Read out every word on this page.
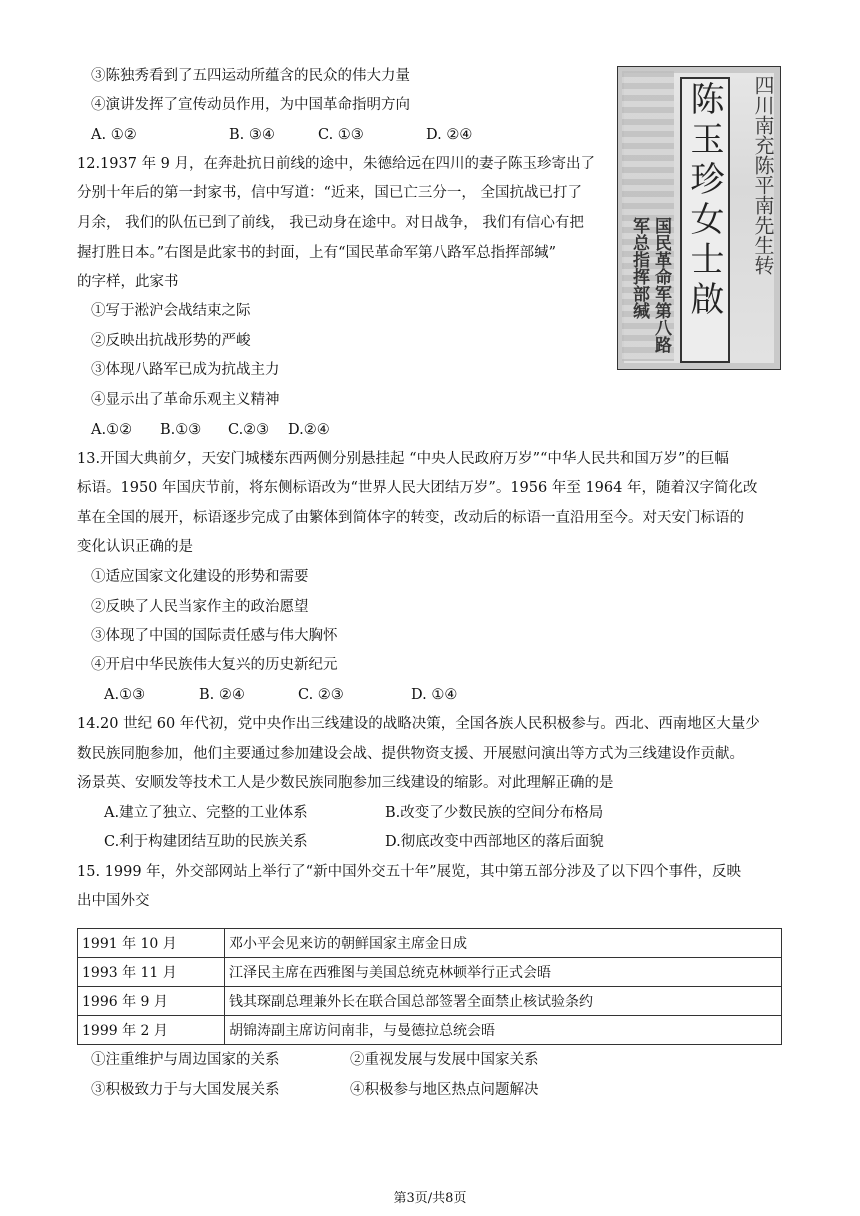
③陈独秀看到了五四运动所蕴含的民众的伟大力量
④演讲发挥了宣传动员作用，为中国革命指明方向
A. ①②	B. ③④	C. ①③	D. ②④
12.1937 年 9 月，在奔赴抗日前线的途中，朱德给远在四川的妻子陈玉珍寄出了
分别十年后的第一封家书，信中写道：“近来，国已亡三分一， 全国抗战已打了
月余， 我们的队伍已到了前线， 我已动身在途中。对日战争， 我们有信心有把
握打胜日本。”右图是此家书的封面，上有“国民革命军第八路军总指挥部缄”
的字样，此家书
①写于淞沪会战结束之际
②反映出抗战形势的严峻
③体现八路军已成为抗战主力
④显示出了革命乐观主义精神
A.①② B.①③ C.②③ D.②④
国民革命军第八路军总指挥部缄	陈玉珍女士啟	四川南充陈平南先生转
13.开国大典前夕，天安门城楼东西两侧分别悬挂起 “中央人民政府万岁”“中华人民共和国万岁”的巨幅
标语。1950 年国庆节前，将东侧标语改为“世界人民大团结万岁”。1956 年至 1964 年，随着汉字简化改
革在全国的展开，标语逐步完成了由繁体到简体字的转变，改动后的标语一直沿用至今。对天安门标语的
变化认识正确的是
①适应国家文化建设的形势和需要
②反映了人民当家作主的政治愿望
③体现了中国的国际责任感与伟大胸怀
④开启中华民族伟大复兴的历史新纪元
A.①③	B. ②④	C. ②③	D. ①④
14.20 世纪 60 年代初，党中央作出三线建设的战略决策，全国各族人民积极参与。西北、西南地区大量少
数民族同胞参加，他们主要通过参加建设会战、提供物资支援、开展慰问演出等方式为三线建设作贡献。
汤景英、安顺发等技术工人是少数民族同胞参加三线建设的缩影。对此理解正确的是
A.建立了独立、完整的工业体系	B.改变了少数民族的空间分布格局
C.利于构建团结互助的民族关系	D.彻底改变中西部地区的落后面貌
15. 1999 年，外交部网站上举行了“新中国外交五十年”展览，其中第五部分涉及了以下四个事件，反映
出中国外交
1991 年 10 月	邓小平会见来访的朝鲜国家主席金日成
1993 年 11 月	江泽民主席在西雅图与美国总统克林顿举行正式会晤
1996 年 9 月	钱其琛副总理兼外长在联合国总部签署全面禁止核试验条约
1999 年 2 月	胡锦涛副主席访问南非，与曼德拉总统会晤
①注重维护与周边国家的关系	②重视发展与发展中国家关系
③积极致力于与大国发展关系	④积极参与地区热点问题解决
第3页/共8页
